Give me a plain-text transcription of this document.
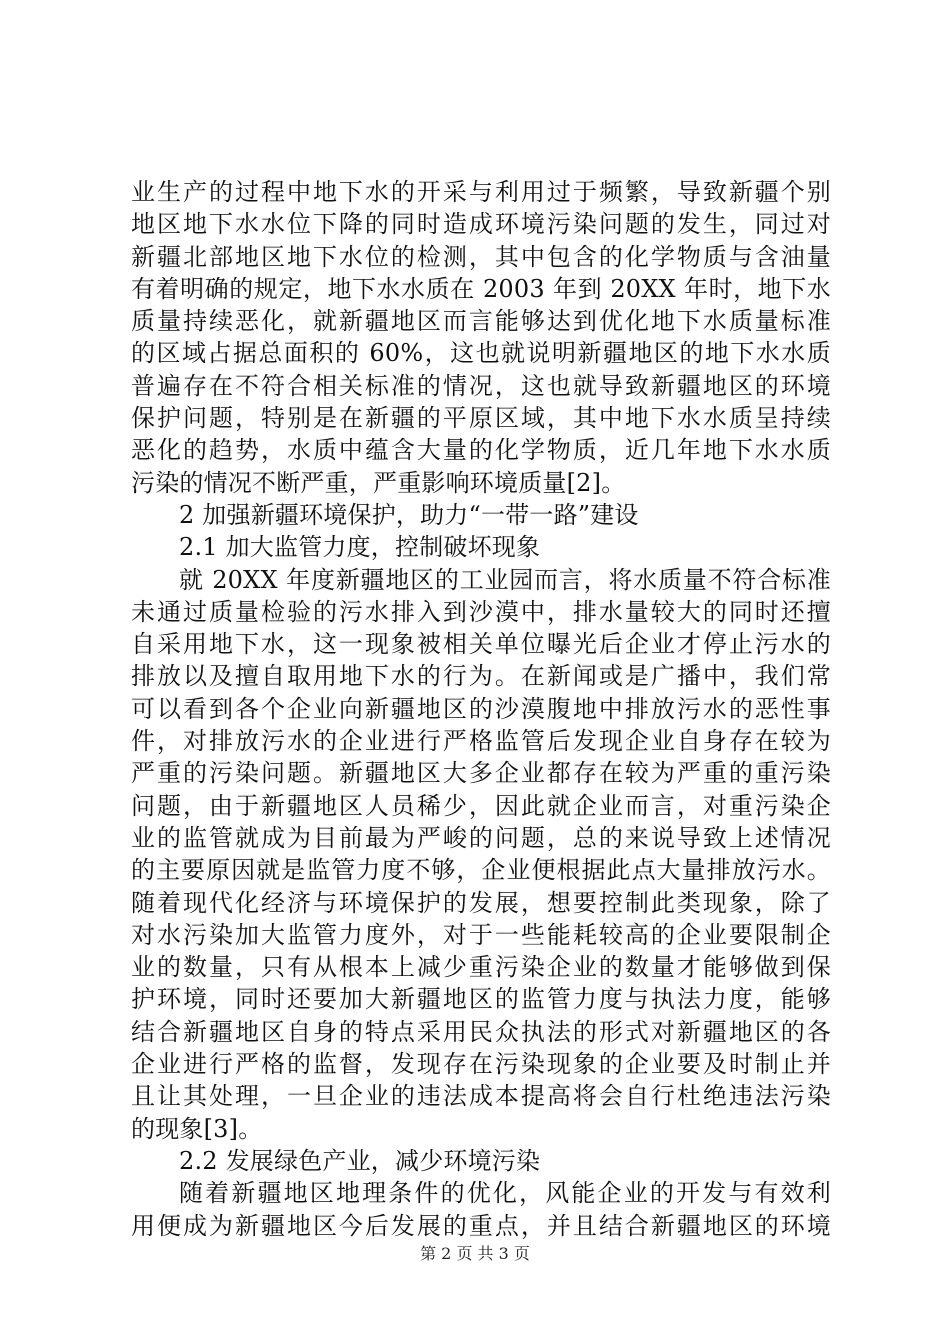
业生产的过程中地下水的开采与利用过于频繁，导致新疆个别
地区地下水水位下降的同时造成环境污染问题的发生，同过对
新疆北部地区地下水位的检测，其中包含的化学物质与含油量
有着明确的规定，地下水水质在 2003 年到 20XX 年时，地下水
质量持续恶化，就新疆地区而言能够达到优化地下水质量标准
的区域占据总面积的 60%，这也就说明新疆地区的地下水水质
普遍存在不符合相关标准的情况，这也就导致新疆地区的环境
保护问题，特别是在新疆的平原区域，其中地下水水质呈持续
恶化的趋势，水质中蕴含大量的化学物质，近几年地下水水质
污染的情况不断严重，严重影响环境质量[2]。
2 加强新疆环境保护，助力“一带一路”建设
2.1 加大监管力度，控制破坏现象
就 20XX 年度新疆地区的工业园而言，将水质量不符合标准
未通过质量检验的污水排入到沙漠中，排水量较大的同时还擅
自采用地下水，这一现象被相关单位曝光后企业才停止污水的
排放以及擅自取用地下水的行为。在新闻或是广播中，我们常
可以看到各个企业向新疆地区的沙漠腹地中排放污水的恶性事
件，对排放污水的企业进行严格监管后发现企业自身存在较为
严重的污染问题。新疆地区大多企业都存在较为严重的重污染
问题，由于新疆地区人员稀少，因此就企业而言，对重污染企
业的监管就成为目前最为严峻的问题，总的来说导致上述情况
的主要原因就是监管力度不够，企业便根据此点大量排放污水。
随着现代化经济与环境保护的发展，想要控制此类现象，除了
对水污染加大监管力度外，对于一些能耗较高的企业要限制企
业的数量，只有从根本上减少重污染企业的数量才能够做到保
护环境，同时还要加大新疆地区的监管力度与执法力度，能够
结合新疆地区自身的特点采用民众执法的形式对新疆地区的各
企业进行严格的监督，发现存在污染现象的企业要及时制止并
且让其处理，一旦企业的违法成本提高将会自行杜绝违法污染
的现象[3]。
2.2 发展绿色产业，减少环境污染
随着新疆地区地理条件的优化，风能企业的开发与有效利
用便成为新疆地区今后发展的重点，并且结合新疆地区的环境
第 2 页 共 3 页
